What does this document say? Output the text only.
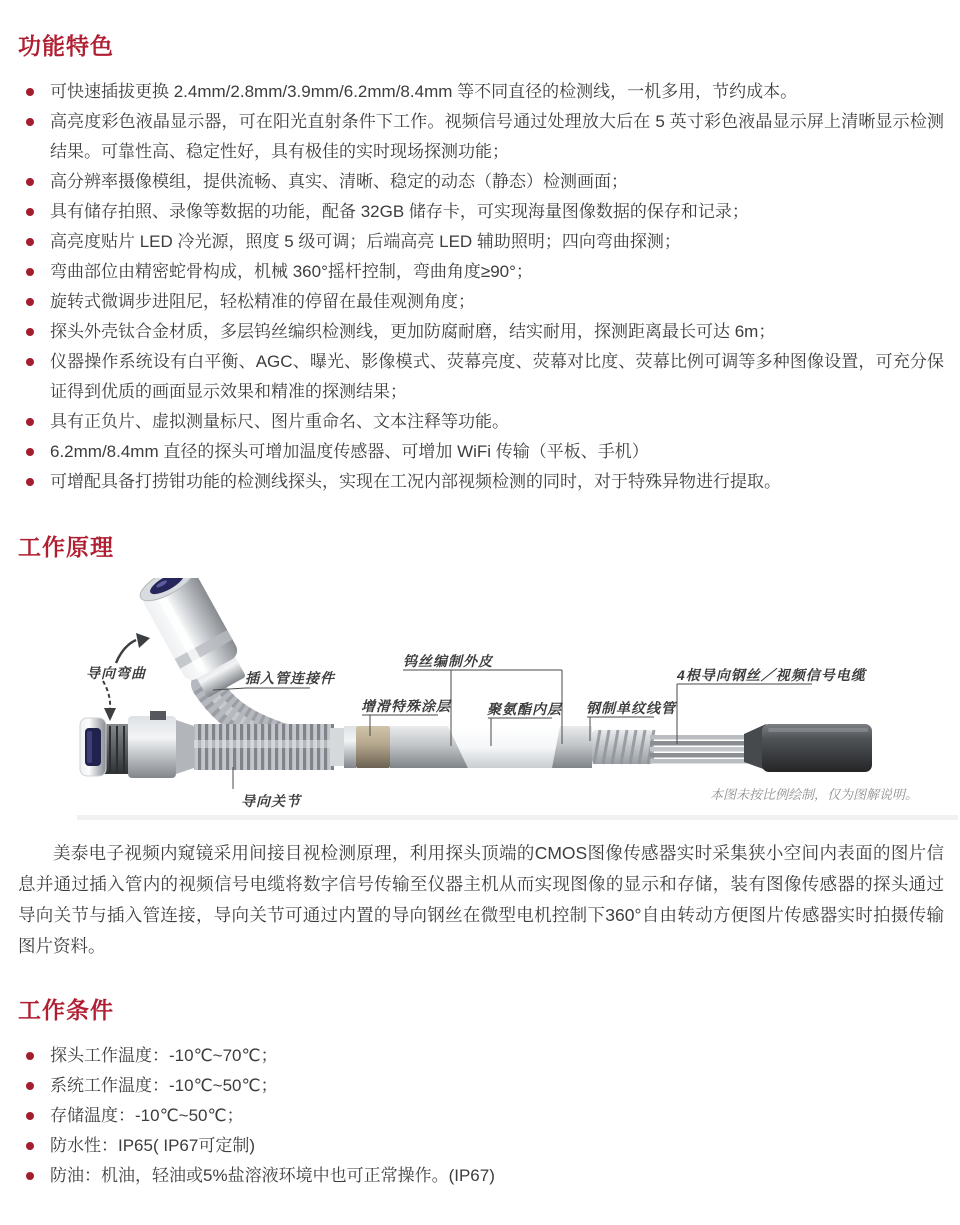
功能特色
可快速插拔更换 2.4mm/2.8mm/3.9mm/6.2mm/8.4mm 等不同直径的检测线，一机多用，节约成本。
高亮度彩色液晶显示器，可在阳光直射条件下工作。视频信号通过处理放大后在 5 英寸彩色液晶显示屏上清晰显示检测结果。可靠性高、稳定性好，具有极佳的实时现场探测功能；
高分辨率摄像模组，提供流畅、真实、清晰、稳定的动态（静态）检测画面；
具有储存拍照、录像等数据的功能，配备 32GB 储存卡，可实现海量图像数据的保存和记录；
高亮度贴片 LED 冷光源，照度 5 级可调；后端高亮 LED 辅助照明；四向弯曲探测；
弯曲部位由精密蛇骨构成，机械 360°摇杆控制，弯曲角度≥90°；
旋转式微调步进阻尼，轻松精准的停留在最佳观测角度；
探头外壳钛合金材质，多层钨丝编织检测线，更加防腐耐磨，结实耐用，探测距离最长可达 6m；
仪器操作系统设有白平衡、AGC、曝光、影像模式、荧幕亮度、荧幕对比度、荧幕比例可调等多种图像设置，可充分保证得到优质的画面显示效果和精准的探测结果；
具有正负片、虚拟测量标尺、图片重命名、文本注释等功能。
6.2mm/8.4mm 直径的探头可增加温度传感器、可增加 WiFi 传输（平板、手机）
可增配具备打捞钳功能的检测线探头，实现在工况内部视频检测的同时，对于特殊异物进行提取。
工作原理
导向弯曲	插入管连接件
导向关节
钨丝编制外皮
增滑特殊涂层	聚氨酯内层 钢制单纹线管
4根导向钢丝／视频信号电缆
本图未按比例绘制，仅为图解说明。

美泰电子视频内窥镜采用间接目视检测原理，利用探头顶端的CMOS图像传感器实时采集狭小空间内表面的图片信息并通过插入管内的视频信号电缆将数字信号传输至仪器主机从而实现图像的显示和存储，装有图像传感器的探头通过导向关节与插入管连接，导向关节可通过内置的导向钢丝在微型电机控制下360°自由转动方便图片传感器实时拍摄传输图片资料。

工作条件
探头工作温度：-10℃~70℃；
系统工作温度：-10℃~50℃；
存储温度：-10℃~50℃；
防水性：IP65( IP67可定制)
防油：机油，轻油或5%盐溶液环境中也可正常操作。(IP67)
